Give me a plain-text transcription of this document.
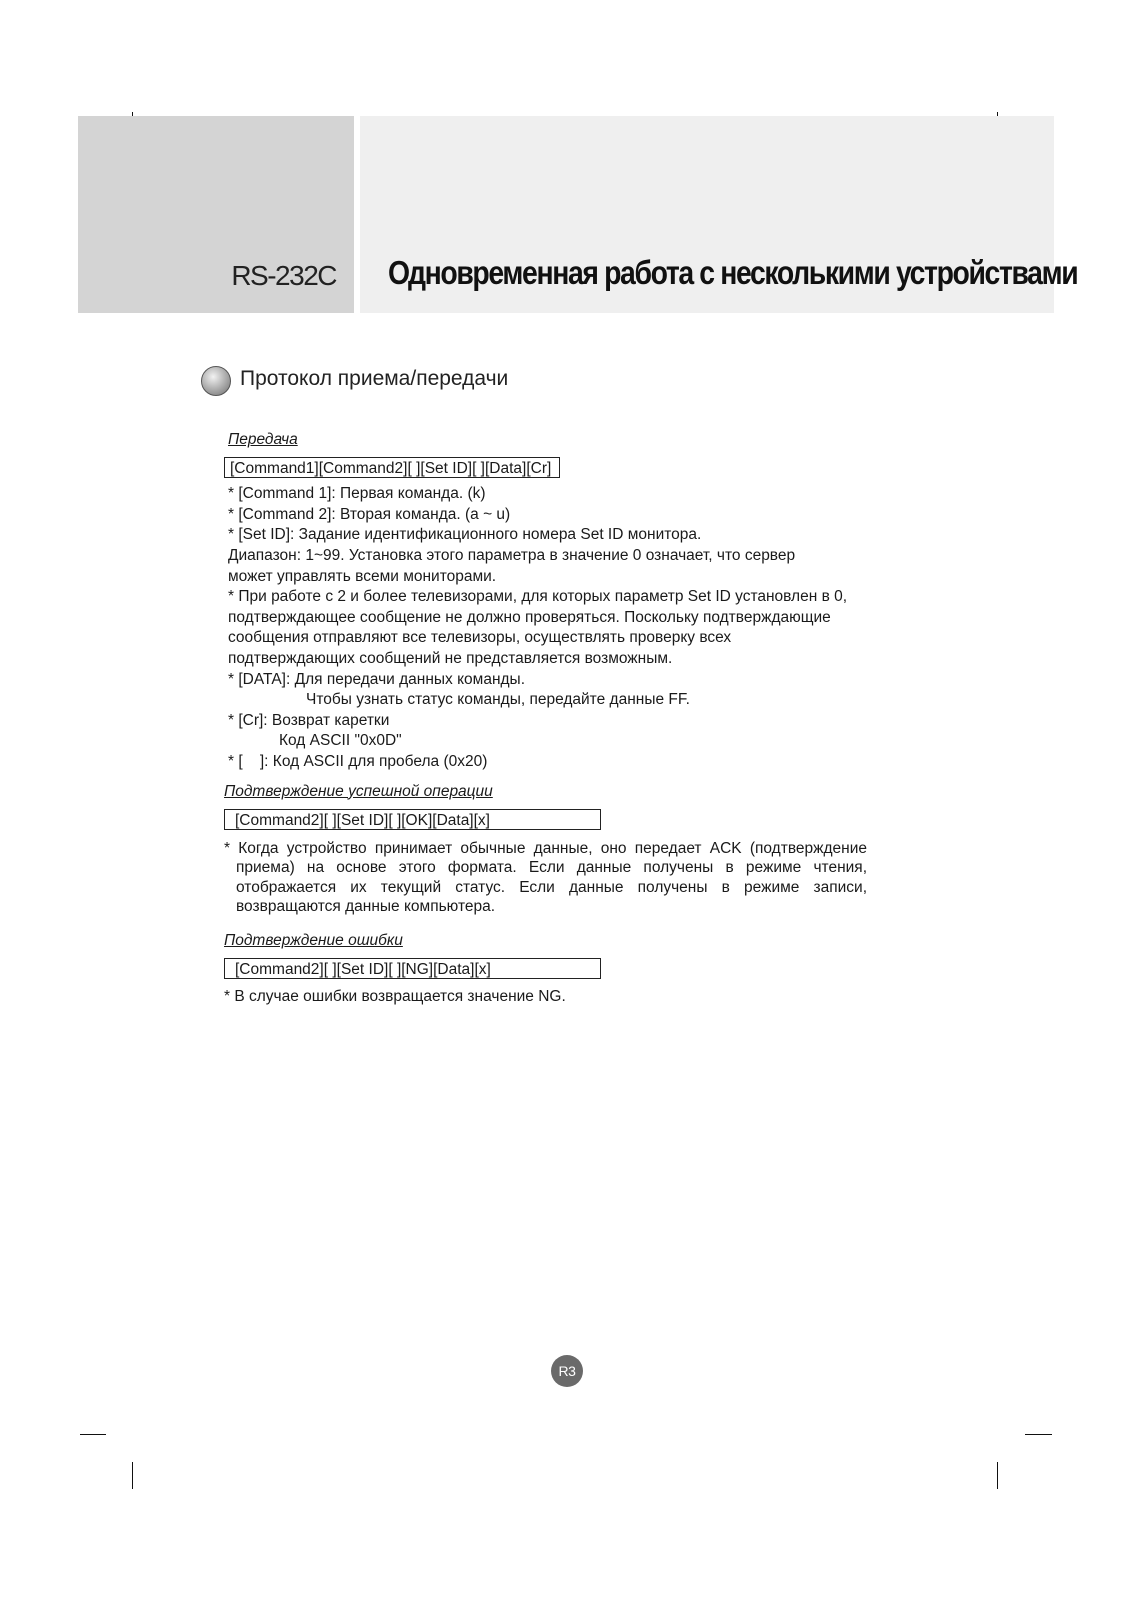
RS-232C Одновременная работа с несколькими устройствами
Протокол приема/передачи
Передача
[Command1][Command2][ ][Set ID][ ][Data][Cr]

* [Command 1]: Первая команда. (k)

* [Command 2]: Вторая команда. (a ~ u)

* [Set ID]: Задание идентификационного номера Set ID монитора.

Диапазон: 1~99. Установка этого параметра в значение 0 означает, что сервер

может управлять всеми мониторами.

* При работе с 2 и более телевизорами, для которых параметр Set ID установлен в 0,

подтверждающее сообщение не должно проверяться. Поскольку подтверждающие

сообщения отправляют все телевизоры, осуществлять проверку всех

подтверждающих сообщений не представляется возможным.

* [DATA]: Для передачи данных команды.

Чтобы узнать статус команды, передайте данные FF.

* [Cr]: Возврат каретки

Код ASCII "0x0D"

* [    ]: Код ASCII для пробела (0x20)

Подтверждение успешной операции
[Command2][ ][Set ID][ ][OK][Data][x]

* Когда устройство принимает обычные данные, оно передает ACK (подтверждение приема) на основе этого формата. Если данные получены в режиме чтения, отображается их текущий статус. Если данные получены в режиме записи, возвращаются данные компьютера.

Подтверждение ошибки
[Command2][ ][Set ID][ ][NG][Data][x]

* В случае ошибки возвращается значение NG.

R3
